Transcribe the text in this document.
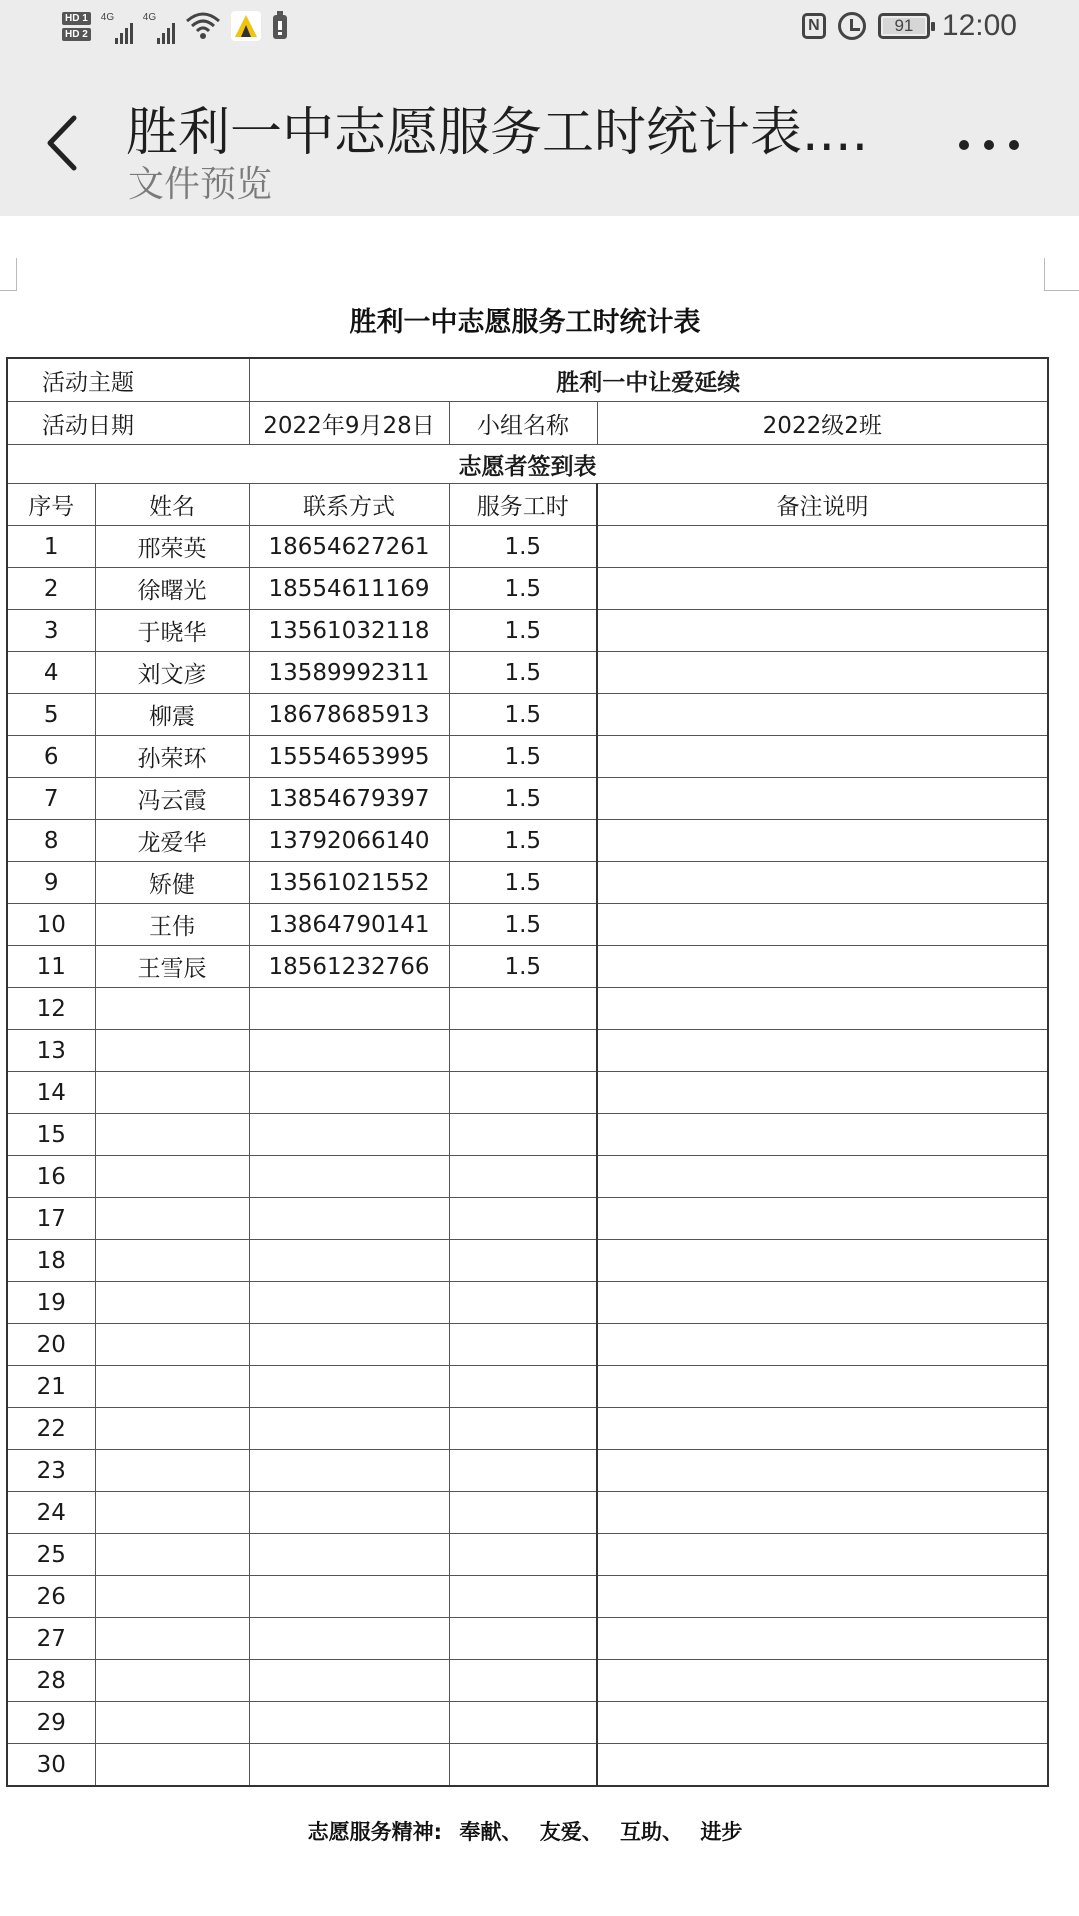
HD 1
HD 2
4G	4G	N	91 12:00
胜利一中志愿服务工时统计表....
文件预览
胜利一中志愿服务工时统计表
活动主题		胜利一中让爱延续		
活动日期		2022年9月28日	小组名称	2022级2班
志愿者签到表				
序号	姓名	联系方式	服务工时	备注说明
1	邢荣英	18654627261	1.5	
2	徐曙光	18554611169	1.5	
3	于晓华	13561032118	1.5	
4	刘文彦	13589992311	1.5	
5	柳震	18678685913	1.5	
6	孙荣环	15554653995	1.5	
7	冯云霞	13854679397	1.5	
8	龙爱华	13792066140	1.5	
9	矫健	13561021552	1.5	
10	王伟	13864790141	1.5	
11	王雪辰	18561232766	1.5	
12				
13				
14				
15				
16				
17				
18				
19				
20				
21				
22				
23				
24				
25				
26				
27				
28				
29				
30				
志愿服务精神: 奉献、 友爱、 互助、 进步
